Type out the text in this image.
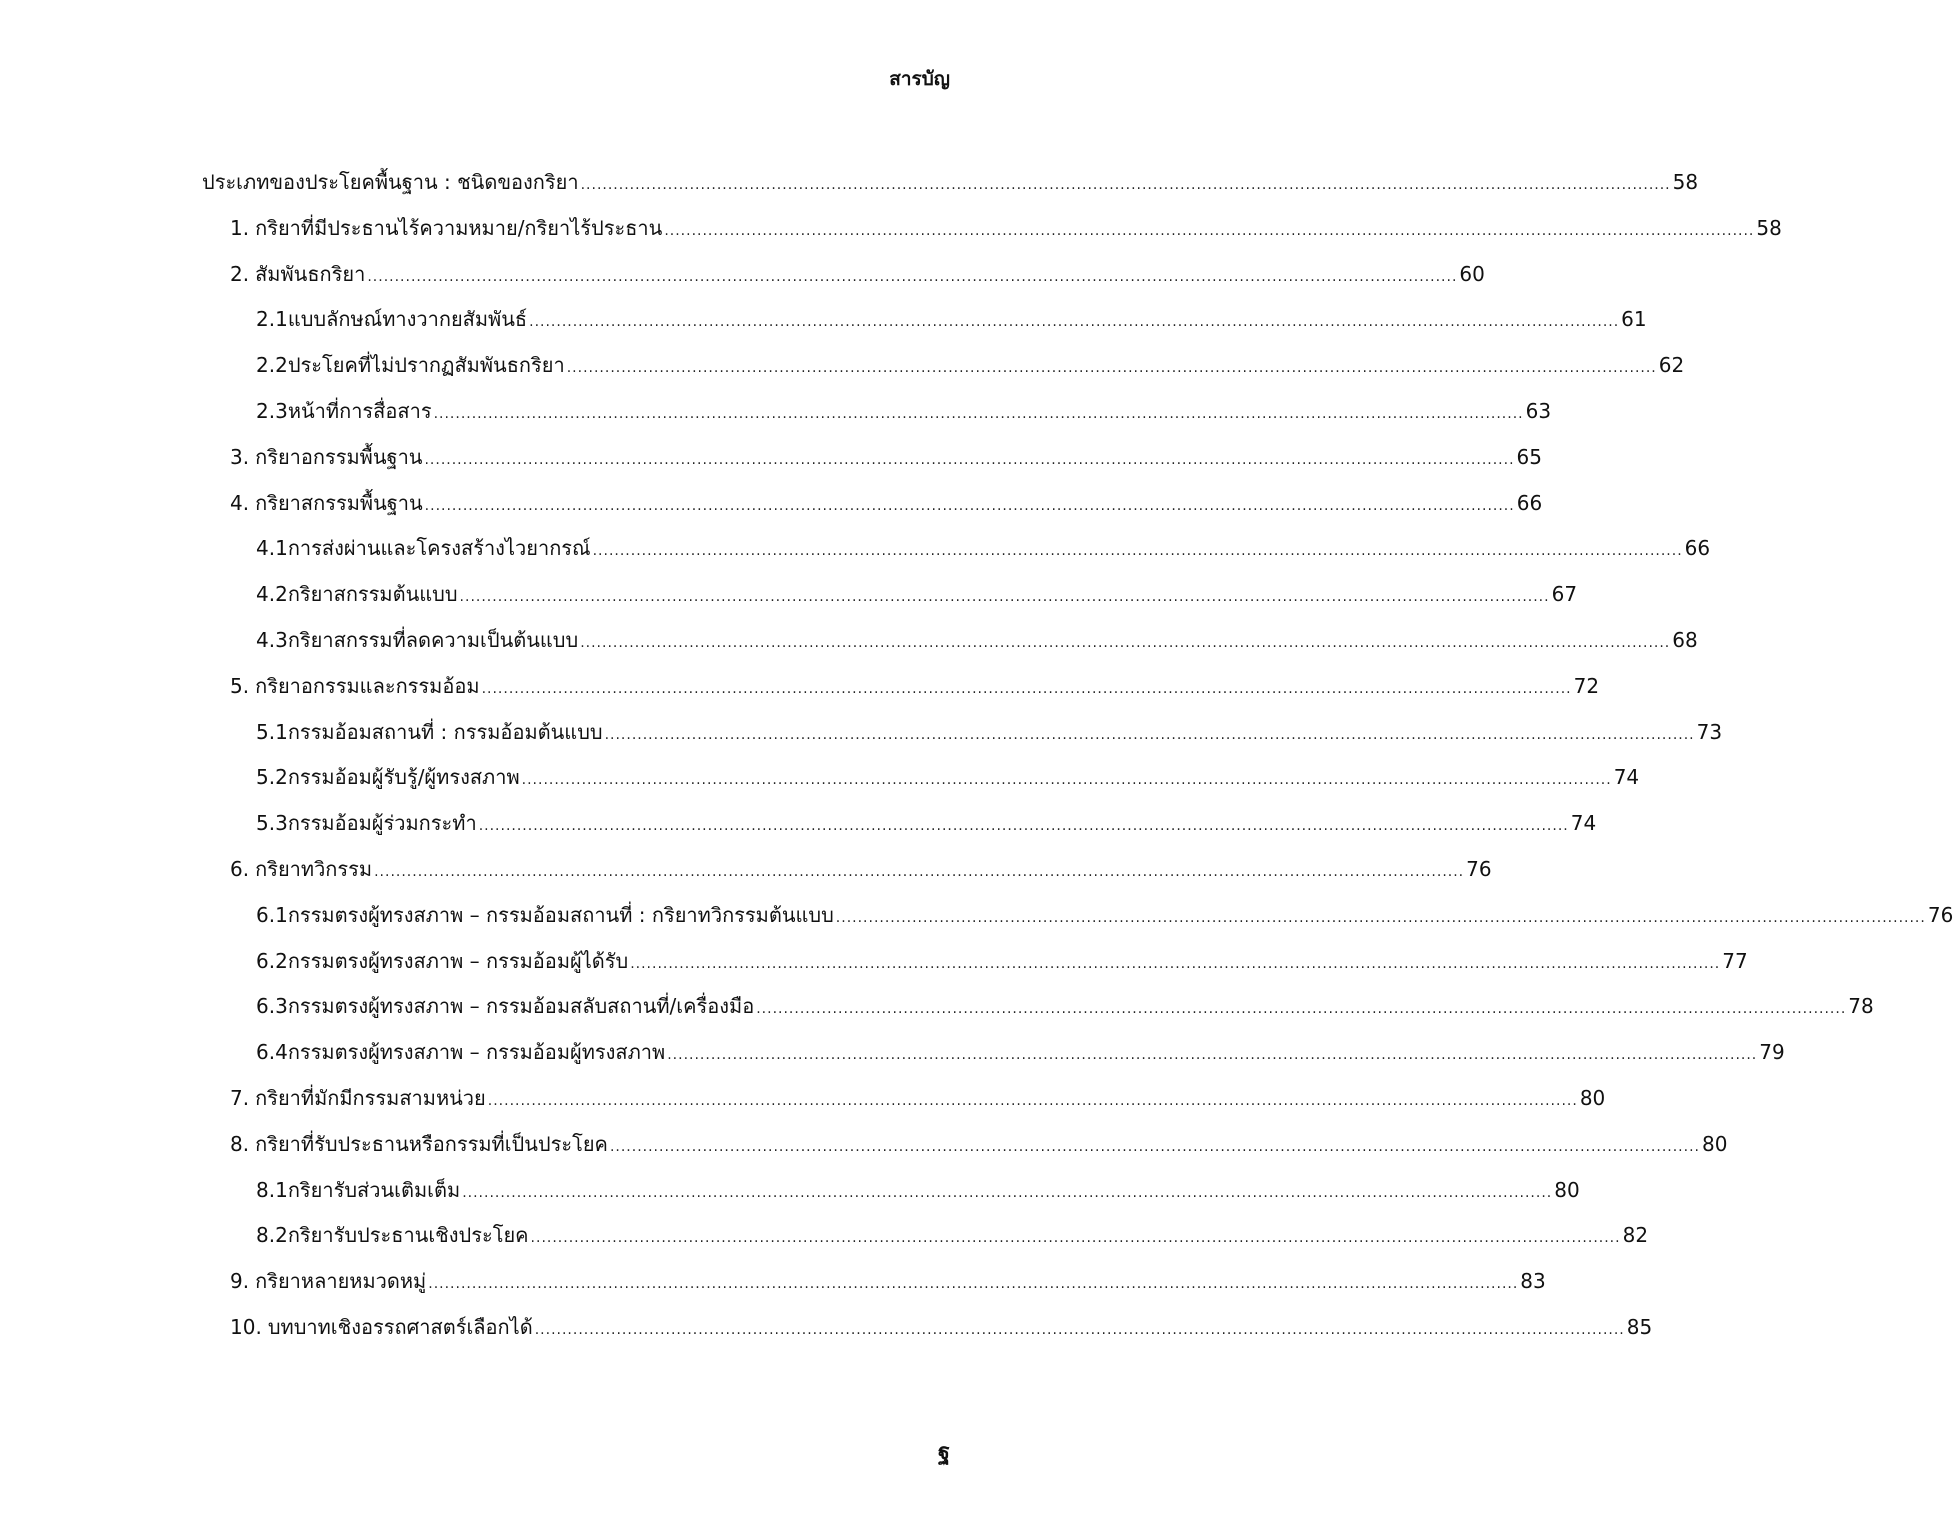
สารบัญ
ประเภทของประโยคพื้นฐาน : ชนิดของกริยา ........................................................................................................................................................................................................ 58
1. กริยาที่มีประธานไร้ความหมาย/กริยาไร้ประธาน ........................................................................................................................................................................................................ 58
2. สัมพันธกริยา ........................................................................................................................................................................................................ 60
2.1 แบบลักษณ์ทางวากยสัมพันธ์ ........................................................................................................................................................................................................ 61
2.2 ประโยคที่ไม่ปรากฏสัมพันธกริยา ........................................................................................................................................................................................................ 62
2.3 หน้าที่การสื่อสาร ........................................................................................................................................................................................................ 63
3. กริยาอกรรมพื้นฐาน ........................................................................................................................................................................................................ 65
4. กริยาสกรรมพื้นฐาน ........................................................................................................................................................................................................ 66
4.1 การส่งผ่านและโครงสร้างไวยากรณ์ ........................................................................................................................................................................................................ 66
4.2 กริยาสกรรมต้นแบบ ........................................................................................................................................................................................................ 67
4.3 กริยาสกรรมที่ลดความเป็นต้นแบบ ........................................................................................................................................................................................................ 68
5. กริยาอกรรมและกรรมอ้อม ........................................................................................................................................................................................................ 72
5.1 กรรมอ้อมสถานที่ : กรรมอ้อมต้นแบบ ........................................................................................................................................................................................................ 73
5.2 กรรมอ้อมผู้รับรู้/ผู้ทรงสภาพ ........................................................................................................................................................................................................ 74
5.3 กรรมอ้อมผู้ร่วมกระทำ ........................................................................................................................................................................................................ 74
6. กริยาทวิกรรม ........................................................................................................................................................................................................ 76
6.1 กรรมตรงผู้ทรงสภาพ – กรรมอ้อมสถานที่ : กริยาทวิกรรมต้นแบบ ........................................................................................................................................................................................................ 76
6.2 กรรมตรงผู้ทรงสภาพ – กรรมอ้อมผู้ได้รับ ........................................................................................................................................................................................................ 77
6.3 กรรมตรงผู้ทรงสภาพ – กรรมอ้อมสลับสถานที่/เครื่องมือ ........................................................................................................................................................................................................ 78
6.4 กรรมตรงผู้ทรงสภาพ – กรรมอ้อมผู้ทรงสภาพ ........................................................................................................................................................................................................ 79
7. กริยาที่มักมีกรรมสามหน่วย ........................................................................................................................................................................................................ 80
8. กริยาที่รับประธานหรือกรรมที่เป็นประโยค ........................................................................................................................................................................................................ 80
8.1 กริยารับส่วนเติมเต็ม ........................................................................................................................................................................................................ 80
8.2 กริยารับประธานเชิงประโยค ........................................................................................................................................................................................................ 82
9. กริยาหลายหมวดหมู่ ........................................................................................................................................................................................................ 83
10. บทบาทเชิงอรรถศาสตร์เลือกได้ ........................................................................................................................................................................................................ 85
ฐ
